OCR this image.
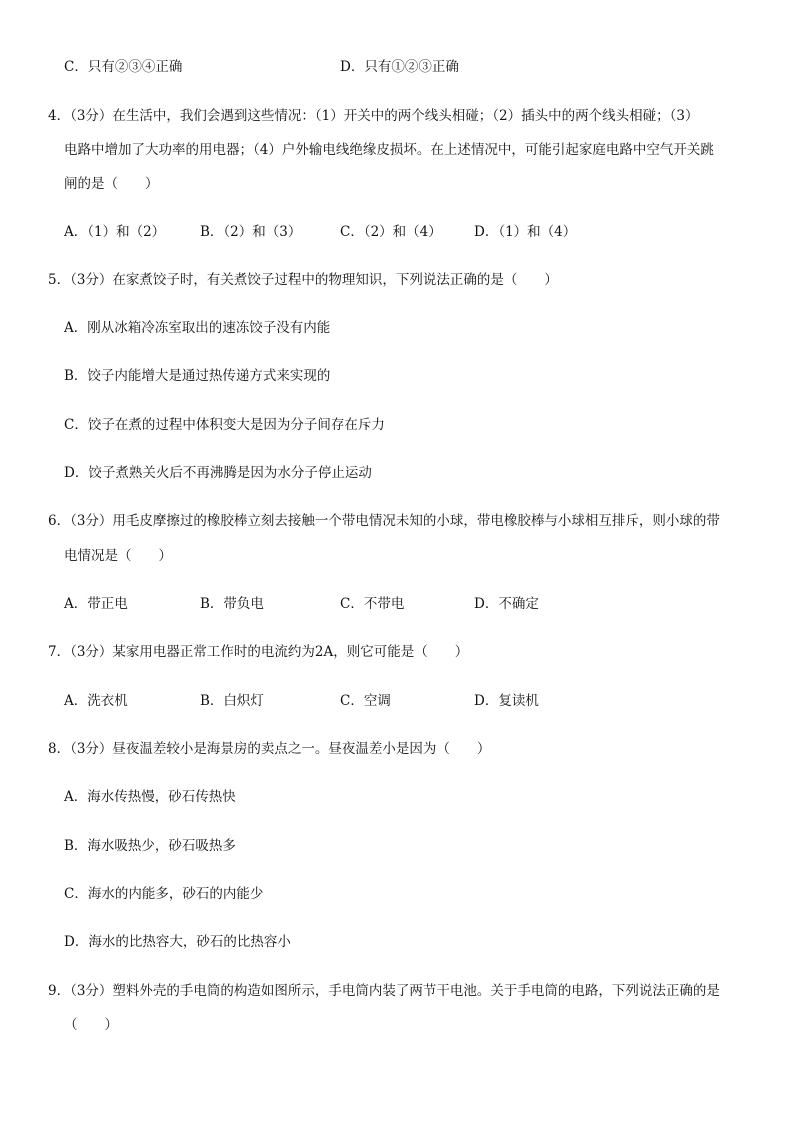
C．只有②③④正确	D．只有①②③正确
4．（3分）在生活中，我们会遇到这些情况：（1）开关中的两个线头相碰；（2）插头中的两个线头相碰；（3）
电路中增加了大功率的用电器；（4）户外输电线绝缘皮损坏。在上述情况中，可能引起家庭电路中空气开关跳
闸的是（　　）
A．（1）和（2）	B．（2）和（3）	C．（2）和（4） D．（1）和（4）
5．（3分）在家煮饺子时，有关煮饺子过程中的物理知识，下列说法正确的是（　　）
A．刚从冰箱冷冻室取出的速冻饺子没有内能
B．饺子内能增大是通过热传递方式来实现的
C．饺子在煮的过程中体积变大是因为分子间存在斥力
D．饺子煮熟关火后不再沸腾是因为水分子停止运动
6．（3分）用毛皮摩擦过的橡胶棒立刻去接触一个带电情况未知的小球，带电橡胶棒与小球相互排斥，则小球的带
电情况是（　　）
A．带正电	B．带负电	C．不带电	D．不确定
7．（3分）某家用电器正常工作时的电流约为2A，则它可能是（　　）
A．洗衣机	B．白炽灯	C．空调	D．复读机
8．（3分）昼夜温差较小是海景房的卖点之一。昼夜温差小是因为（　　）
A．海水传热慢，砂石传热快
B．海水吸热少，砂石吸热多
C．海水的内能多，砂石的内能少
D．海水的比热容大，砂石的比热容小
9．（3分）塑料外壳的手电筒的构造如图所示，手电筒内装了两节干电池。关于手电筒的电路，下列说法正确的是
（　　）
